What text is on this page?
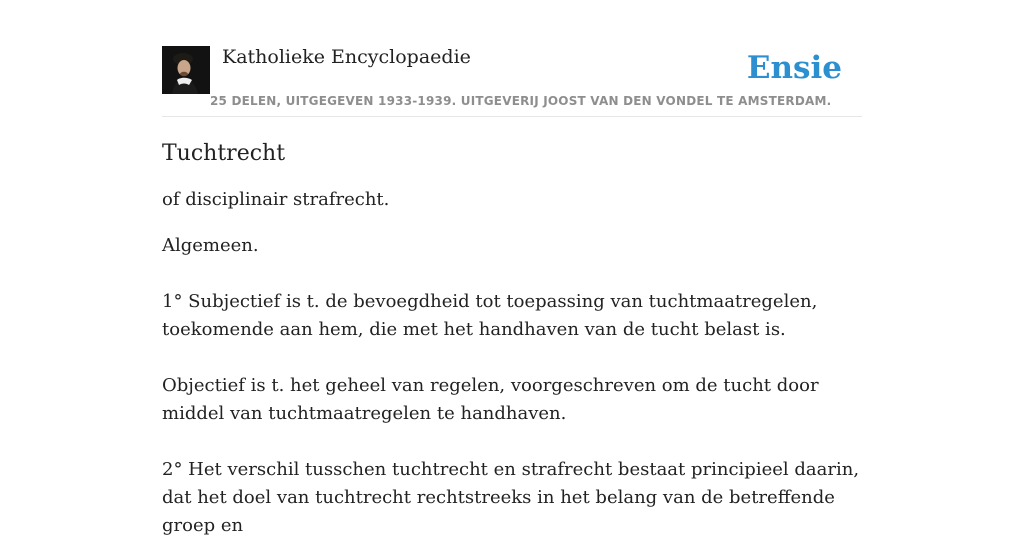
Katholieke Encyclopaedie
25 DELEN, UITGEGEVEN 1933-1939. UITGEVERIJ JOOST VAN DEN VONDEL TE AMSTERDAM.
Ensie
Tuchtrecht

of disciplinair strafrecht.

Algemeen.

1° Subjectief is t. de bevoegdheid tot toepassing van tuchtmaatregelen, toekomende aan hem, die met het handhaven van de tucht belast is.

Objectief is t. het geheel van regelen, voorgeschreven om de tucht door middel van tuchtmaatregelen te handhaven.

2° Het verschil tusschen tuchtrecht en strafrecht bestaat principieel daarin, dat het doel van tuchtrecht rechtstreeks in het belang van de betreffende groep en
